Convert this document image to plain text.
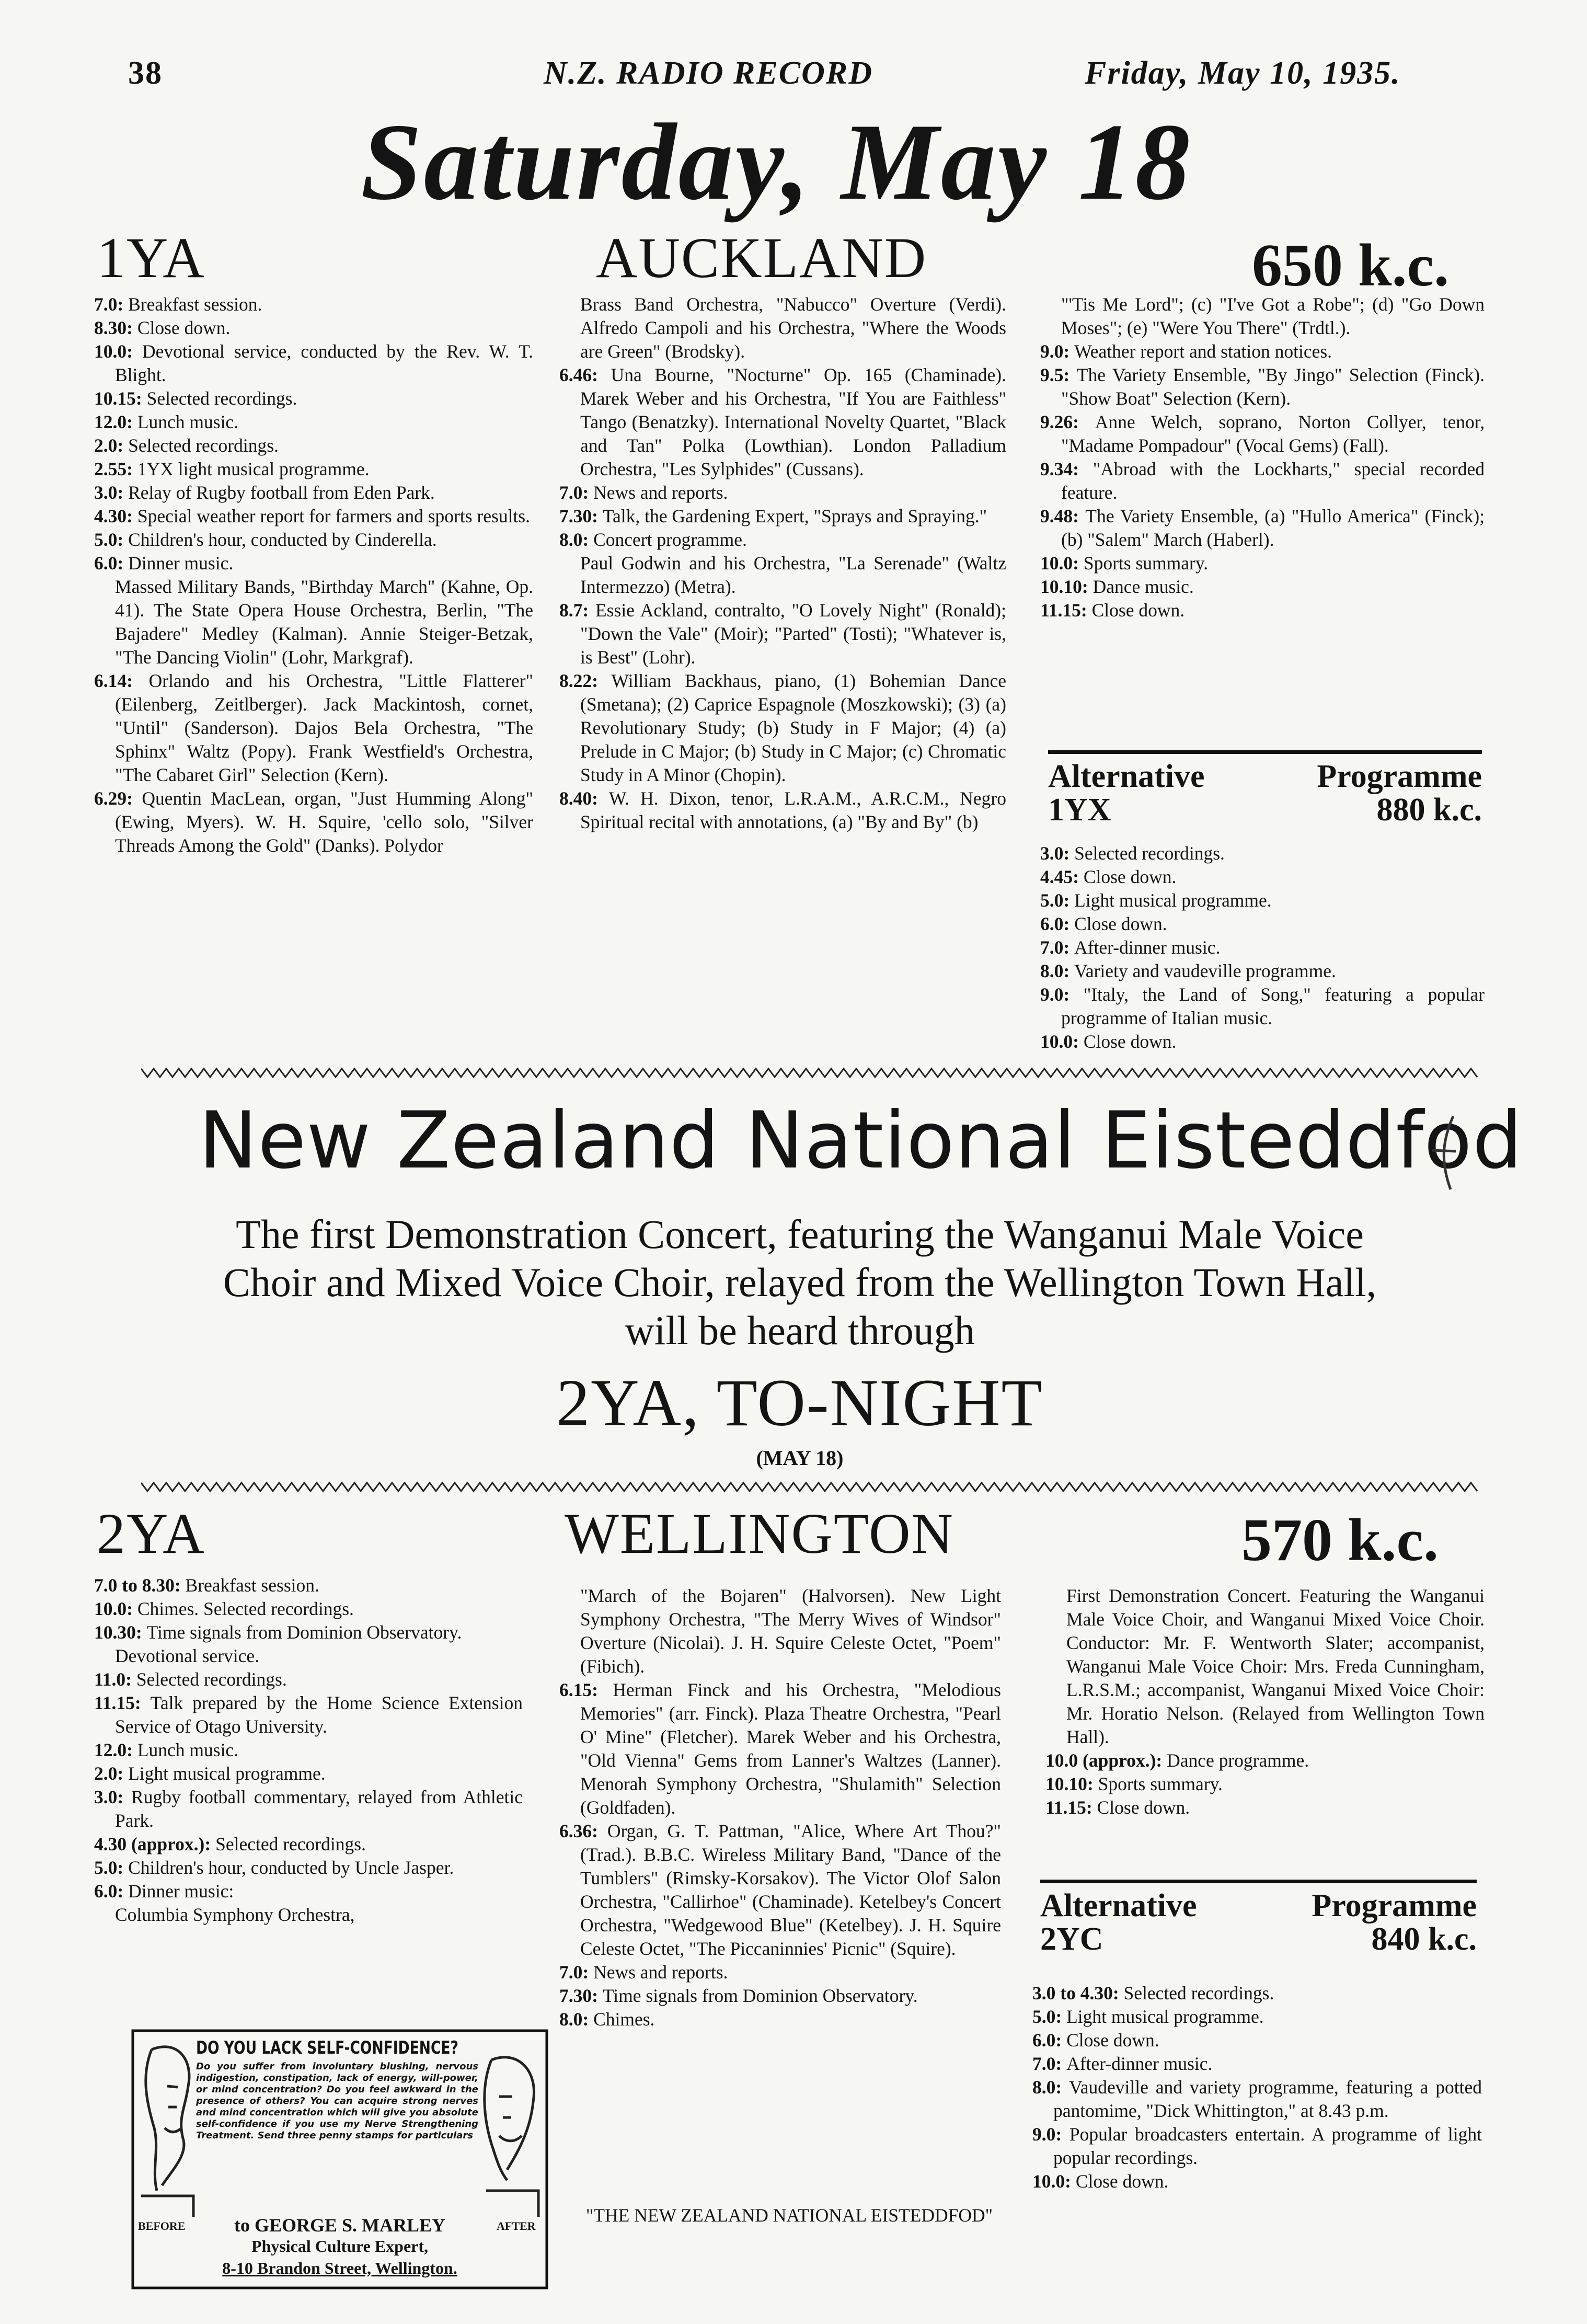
38	N.Z. RADIO RECORD	Friday, May 10, 1935.
Saturday, May 18
1YA	AUCKLAND	650 k.c.

7.0: Breakfast session.

8.30: Close down.

10.0: Devotional service, conducted by the Rev. W. T. Blight.

10.15: Selected recordings.

12.0: Lunch music.

2.0: Selected recordings.

2.55: 1YX light musical programme.

3.0: Relay of Rugby football from Eden Park.

4.30: Special weather report for farmers and sports results.

5.0: Children's hour, conducted by Cinderella.

6.0: Dinner music.

Massed Military Bands, "Birthday March" (Kahne, Op. 41). The State Opera House Orchestra, Berlin, "The Bajadere" Medley (Kalman). Annie Steiger-Betzak, "The Dancing Violin" (Lohr, Markgraf).

6.14: Orlando and his Orchestra, "Little Flatterer" (Eilenberg, Zeitlberger). Jack Mackintosh, cornet, "Until" (Sanderson). Dajos Bela Orchestra, "The Sphinx" Waltz (Popy). Frank Westfield's Orchestra, "The Cabaret Girl" Selection (Kern).

6.29: Quentin MacLean, organ, "Just Humming Along" (Ewing, Myers). W. H. Squire, 'cello solo, "Silver Threads Among the Gold" (Danks). Polydor

Brass Band Orchestra, "Nabucco" Overture (Verdi). Alfredo Campoli and his Orchestra, "Where the Woods are Green" (Brodsky).

6.46: Una Bourne, "Nocturne" Op. 165 (Chaminade). Marek Weber and his Orchestra, "If You are Faithless" Tango (Benatzky). International Novelty Quartet, "Black and Tan" Polka (Lowthian). London Palladium Orchestra, "Les Sylphides" (Cussans).

7.0: News and reports.

7.30: Talk, the Gardening Expert, "Sprays and Spraying."

8.0: Concert programme.

Paul Godwin and his Orchestra, "La Serenade" (Waltz Intermezzo) (Metra).

8.7: Essie Ackland, contralto, "O Lovely Night" (Ronald); "Down the Vale" (Moir); "Parted" (Tosti); "Whatever is, is Best" (Lohr).

8.22: William Backhaus, piano, (1) Bohemian Dance (Smetana); (2) Caprice Espagnole (Moszkowski); (3) (a) Revolutionary Study; (b) Study in F Major; (4) (a) Prelude in C Major; (b) Study in C Major; (c) Chromatic Study in A Minor (Chopin).

8.40: W. H. Dixon, tenor, L.R.A.M., A.R.C.M., Negro Spiritual recital with annotations, (a) "By and By" (b)

"'Tis Me Lord"; (c) "I've Got a Robe"; (d) "Go Down Moses"; (e) "Were You There" (Trdtl.).

9.0: Weather report and station notices.

9.5: The Variety Ensemble, "By Jingo" Selection (Finck). "Show Boat" Selection (Kern).

9.26: Anne Welch, soprano, Norton Collyer, tenor, "Madame Pompadour" (Vocal Gems) (Fall).

9.34: "Abroad with the Lockharts," special recorded feature.

9.48: The Variety Ensemble, (a) "Hullo America" (Finck); (b) "Salem" March (Haberl).

10.0: Sports summary.

10.10: Dance music.

11.15: Close down.

Alternative	Programme
1YX	880 k.c.

3.0: Selected recordings.

4.45: Close down.

5.0: Light musical programme.

6.0: Close down.

7.0: After-dinner music.

8.0: Variety and vaudeville programme.

9.0: "Italy, the Land of Song," featuring a popular programme of Italian music.

10.0: Close down.

New Zealand National Eisteddfod
The first Demonstration Concert, featuring the Wanganui Male Voice
Choir and Mixed Voice Choir, relayed from the Wellington Town Hall,
will be heard through
2YA, TO-NIGHT
(MAY 18)
2YA	WELLINGTON	570 k.c.

7.0 to 8.30: Breakfast session.

10.0: Chimes. Selected recordings.

10.30: Time signals from Dominion Observatory.

Devotional service.

11.0: Selected recordings.

11.15: Talk prepared by the Home Science Extension Service of Otago University.

12.0: Lunch music.

2.0: Light musical programme.

3.0: Rugby football commentary, relayed from Athletic Park.

4.30 (approx.): Selected recordings.

5.0: Children's hour, conducted by Uncle Jasper.

6.0: Dinner music:

Columbia Symphony Orchestra,

"March of the Bojaren" (Halvorsen). New Light Symphony Orchestra, "The Merry Wives of Windsor" Overture (Nicolai). J. H. Squire Celeste Octet, "Poem" (Fibich).

6.15: Herman Finck and his Orchestra, "Melodious Memories" (arr. Finck). Plaza Theatre Orchestra, "Pearl O' Mine" (Fletcher). Marek Weber and his Orchestra, "Old Vienna" Gems from Lanner's Waltzes (Lanner). Menorah Symphony Orchestra, "Shulamith" Selection (Goldfaden).

6.36: Organ, G. T. Pattman, "Alice, Where Art Thou?" (Trad.). B.B.C. Wireless Military Band, "Dance of the Tumblers" (Rimsky-Korsakov). The Victor Olof Salon Orchestra, "Callirhoe" (Chaminade). Ketelbey's Concert Orchestra, "Wedgewood Blue" (Ketelbey). J. H. Squire Celeste Octet, "The Piccaninnies' Picnic" (Squire).

7.0: News and reports.

7.30: Time signals from Dominion Observatory.

8.0: Chimes.

"THE NEW ZEALAND NATIONAL EISTEDDFOD"

First Demonstration Concert. Featuring the Wanganui Male Voice Choir, and Wanganui Mixed Voice Choir. Conductor: Mr. F. Wentworth Slater; accompanist, Wanganui Male Voice Choir: Mrs. Freda Cunningham, L.R.S.M.; accompanist, Wanganui Mixed Voice Choir: Mr. Horatio Nelson. (Relayed from Wellington Town Hall).

10.0 (approx.): Dance programme.

10.10: Sports summary.

11.15: Close down.

Alternative	Programme
2YC	840 k.c.

3.0 to 4.30: Selected recordings.

5.0: Light musical programme.

6.0: Close down.

7.0: After-dinner music.

8.0: Vaudeville and variety programme, featuring a potted pantomime, "Dick Whittington," at 8.43 p.m.

9.0: Popular broadcasters entertain. A programme of light popular recordings.

10.0: Close down.

DO YOU LACK SELF-CONFIDENCE?
Do you suffer from involuntary blushing, nervous indigestion, constipation, lack of energy, will-power, or mind concentration? Do you feel awkward in the presence of others? You can acquire strong nerves and mind concentration which will give you absolute self-confidence if you use my Nerve Strengthening Treatment. Send three penny stamps for particulars
BEFORE	AFTER
to GEORGE S. MARLEY
Physical Culture Expert,
8-10 Brandon Street, Wellington.
